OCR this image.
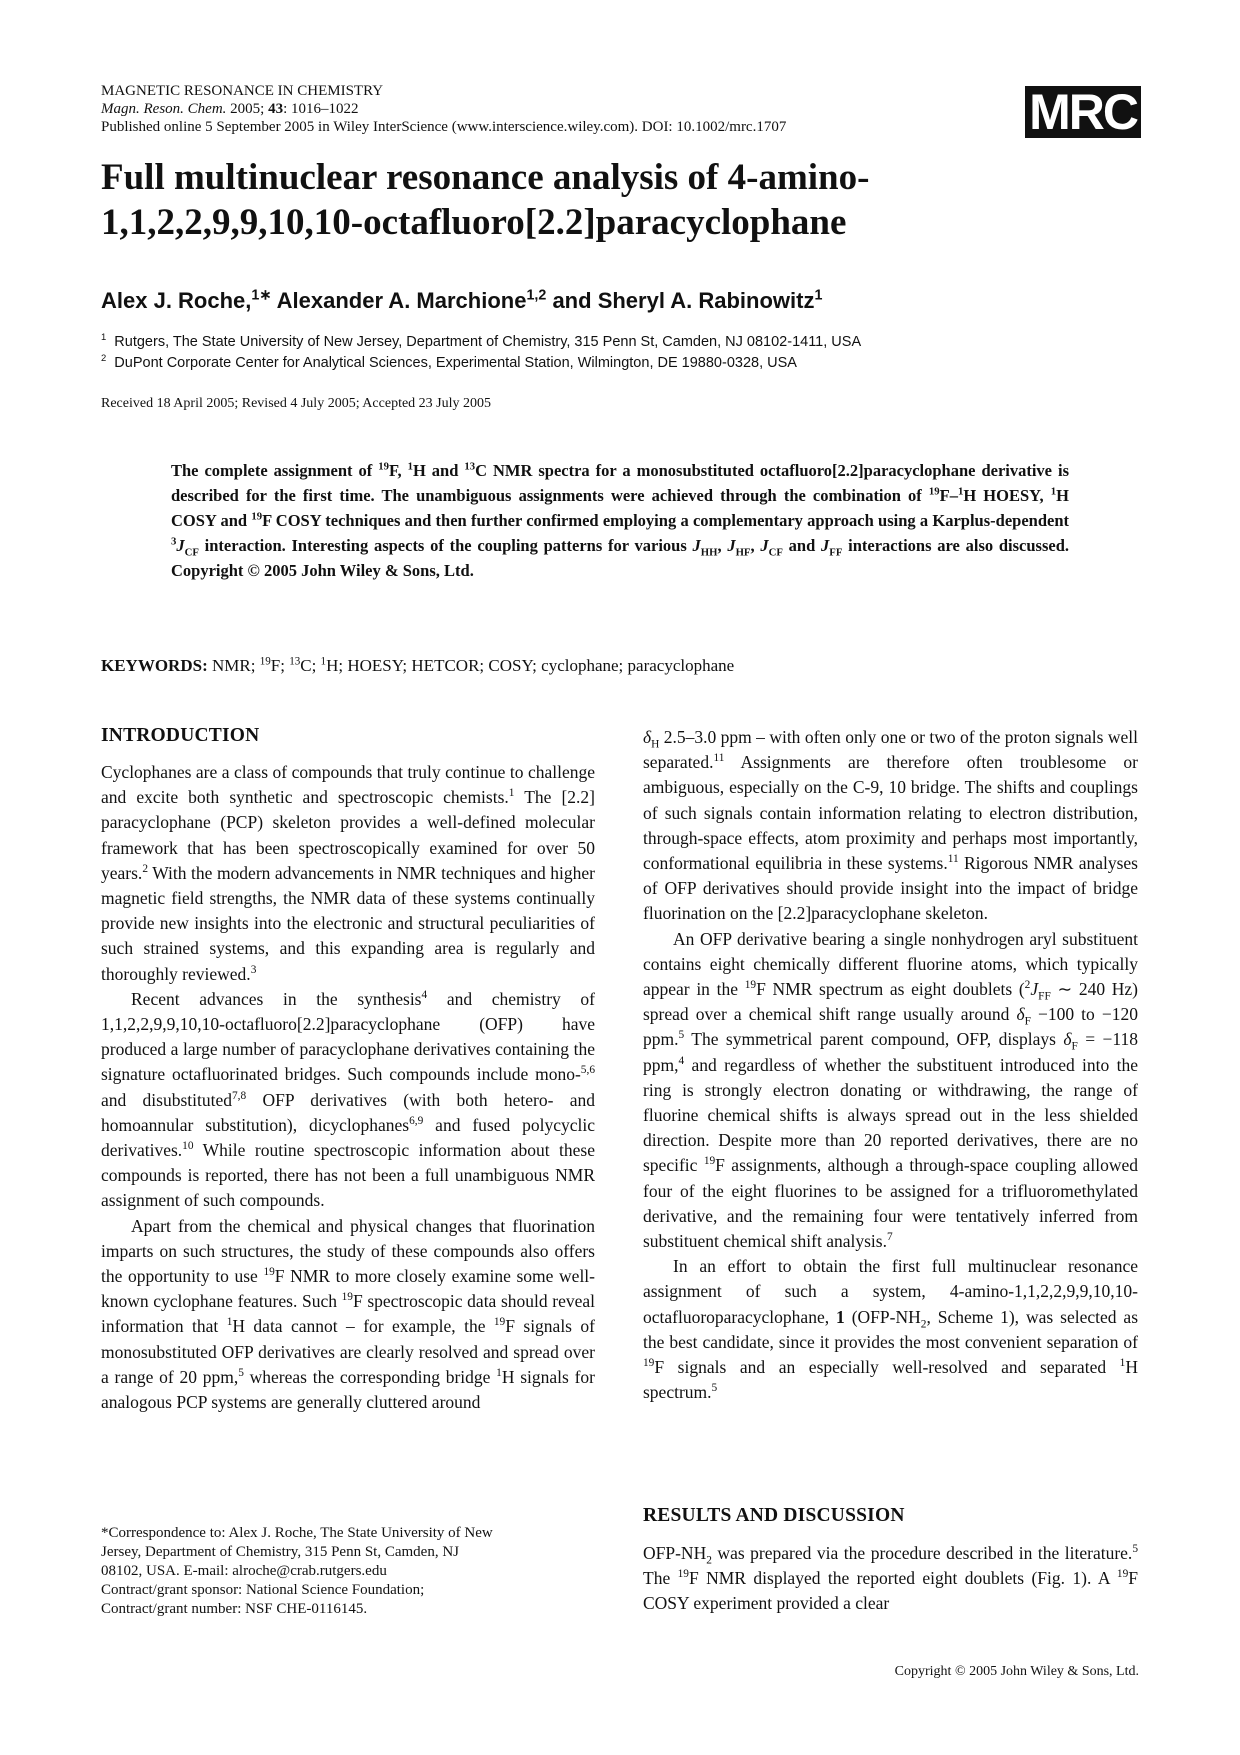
MAGNETIC RESONANCE IN CHEMISTRY
Magn. Reson. Chem. 2005; 43: 1016–1022
Published online 5 September 2005 in Wiley InterScience (www.interscience.wiley.com). DOI: 10.1002/mrc.1707	MRC
Full multinuclear resonance analysis of 4-amino-
1,1,2,2,9,9,10,10-octafluoro[2.2]paracyclophane
Alex J. Roche,$^{1∗}$ Alexander A. Marchione$^{1,2}$ and Sheryl A. Rabinowitz$^1$
$^1$ Rutgers, The State University of New Jersey, Department of Chemistry, 315 Penn St, Camden, NJ 08102-1411, USA
$^2$ DuPont Corporate Center for Analytical Sciences, Experimental Station, Wilmington, DE 19880-0328, USA
Received 18 April 2005; Revised 4 July 2005; Accepted 23 July 2005
The complete assignment of $^{19}$F, $^1$H and $^{13}$C NMR spectra for a monosubstituted octafluoro[2.2]paracyclophane derivative is described for the first time. The unambiguous assignments were achieved through the combination of $^{19}$F–$^1$H HOESY, $^1$H COSY and $^{19}$F COSY techniques and then further confirmed employing a complementary approach using a Karplus-dependent $^3J_{CF}$ interaction. Interesting aspects of the coupling patterns for various $J_{HH}$, $J_{HF}$, $J_{CF}$ and $J_{FF}$ interactions are also discussed. Copyright © 2005 John Wiley & Sons, Ltd.
KEYWORDS: NMR; $^{19}$F; $^{13}$C; $^1$H; HOESY; HETCOR; COSY; cyclophane; paracyclophane
INTRODUCTION

Cyclophanes are a class of compounds that truly continue to challenge and excite both synthetic and spectroscopic chemists.$^1$ The [2.2] paracyclophane (PCP) skeleton provides a well-defined molecular framework that has been spectroscopically examined for over 50 years.$^2$ With the modern advancements in NMR techniques and higher magnetic field strengths, the NMR data of these systems continually provide new insights into the electronic and structural peculiarities of such strained systems, and this expanding area is regularly and thoroughly reviewed.$^3$

Recent advances in the synthesis$^4$ and chemistry of 1,1,2,2,9,9,10,10-octafluoro[2.2]paracyclophane (OFP) have produced a large number of paracyclophane derivatives containing the signature octafluorinated bridges. Such compounds include mono-$^{5,6}$ and disubstituted$^{7,8}$ OFP derivatives (with both hetero- and homoannular substitution), dicyclophanes$^{6,9}$ and fused polycyclic derivatives.$^{10}$ While routine spectroscopic information about these compounds is reported, there has not been a full unambiguous NMR assignment of such compounds.

Apart from the chemical and physical changes that fluorination imparts on such structures, the study of these compounds also offers the opportunity to use $^{19}$F NMR to more closely examine some well-known cyclophane features. Such $^{19}$F spectroscopic data should reveal information that $^1$H data cannot – for example, the $^{19}$F signals of monosubstituted OFP derivatives are clearly resolved and spread over a range of 20 ppm,$^5$ whereas the corresponding bridge $^1$H signals for analogous PCP systems are generally cluttered around

*Correspondence to: Alex J. Roche, The State University of New
Jersey, Department of Chemistry, 315 Penn St, Camden, NJ
08102, USA. E-mail: alroche@crab.rutgers.edu
Contract/grant sponsor: National Science Foundation;
Contract/grant number: NSF CHE-0116145.

$\delta_H$ 2.5–3.0 ppm – with often only one or two of the proton signals well separated.$^{11}$ Assignments are therefore often troublesome or ambiguous, especially on the C-9, 10 bridge. The shifts and couplings of such signals contain information relating to electron distribution, through-space effects, atom proximity and perhaps most importantly, conformational equilibria in these systems.$^{11}$ Rigorous NMR analyses of OFP derivatives should provide insight into the impact of bridge fluorination on the [2.2]paracyclophane skeleton.

An OFP derivative bearing a single nonhydrogen aryl substituent contains eight chemically different fluorine atoms, which typically appear in the $^{19}$F NMR spectrum as eight doublets ($^2J_{FF}$ ∼ 240 Hz) spread over a chemical shift range usually around $\delta_F -100$ to −120 ppm.$^5$ The symmetrical parent compound, OFP, displays $\delta_F = -118$ ppm,$^4$ and regardless of whether the substituent introduced into the ring is strongly electron donating or withdrawing, the range of fluorine chemical shifts is always spread out in the less shielded direction. Despite more than 20 reported derivatives, there are no specific $^{19}$F assignments, although a through-space coupling allowed four of the eight fluorines to be assigned for a trifluoromethylated derivative, and the remaining four were tentatively inferred from substituent chemical shift analysis.$^7$

In an effort to obtain the first full multinuclear resonance assignment of such a system, 4-amino-1,1,2,2,9,9,10,10-octafluoroparacyclophane, 1 ($OFP-NH_2$, Scheme 1), was selected as the best candidate, since it provides the most convenient separation of $^{19}$F signals and an especially well-resolved and separated $^1$H spectrum.$^5$

RESULTS AND DISCUSSION

OFP-$NH_2$ was prepared via the procedure described in the literature.$^5$ The $^{19}$F NMR displayed the reported eight doublets (Fig. 1). A $^{19}$F COSY experiment provided a clear

Copyright © 2005 John Wiley & Sons, Ltd.
